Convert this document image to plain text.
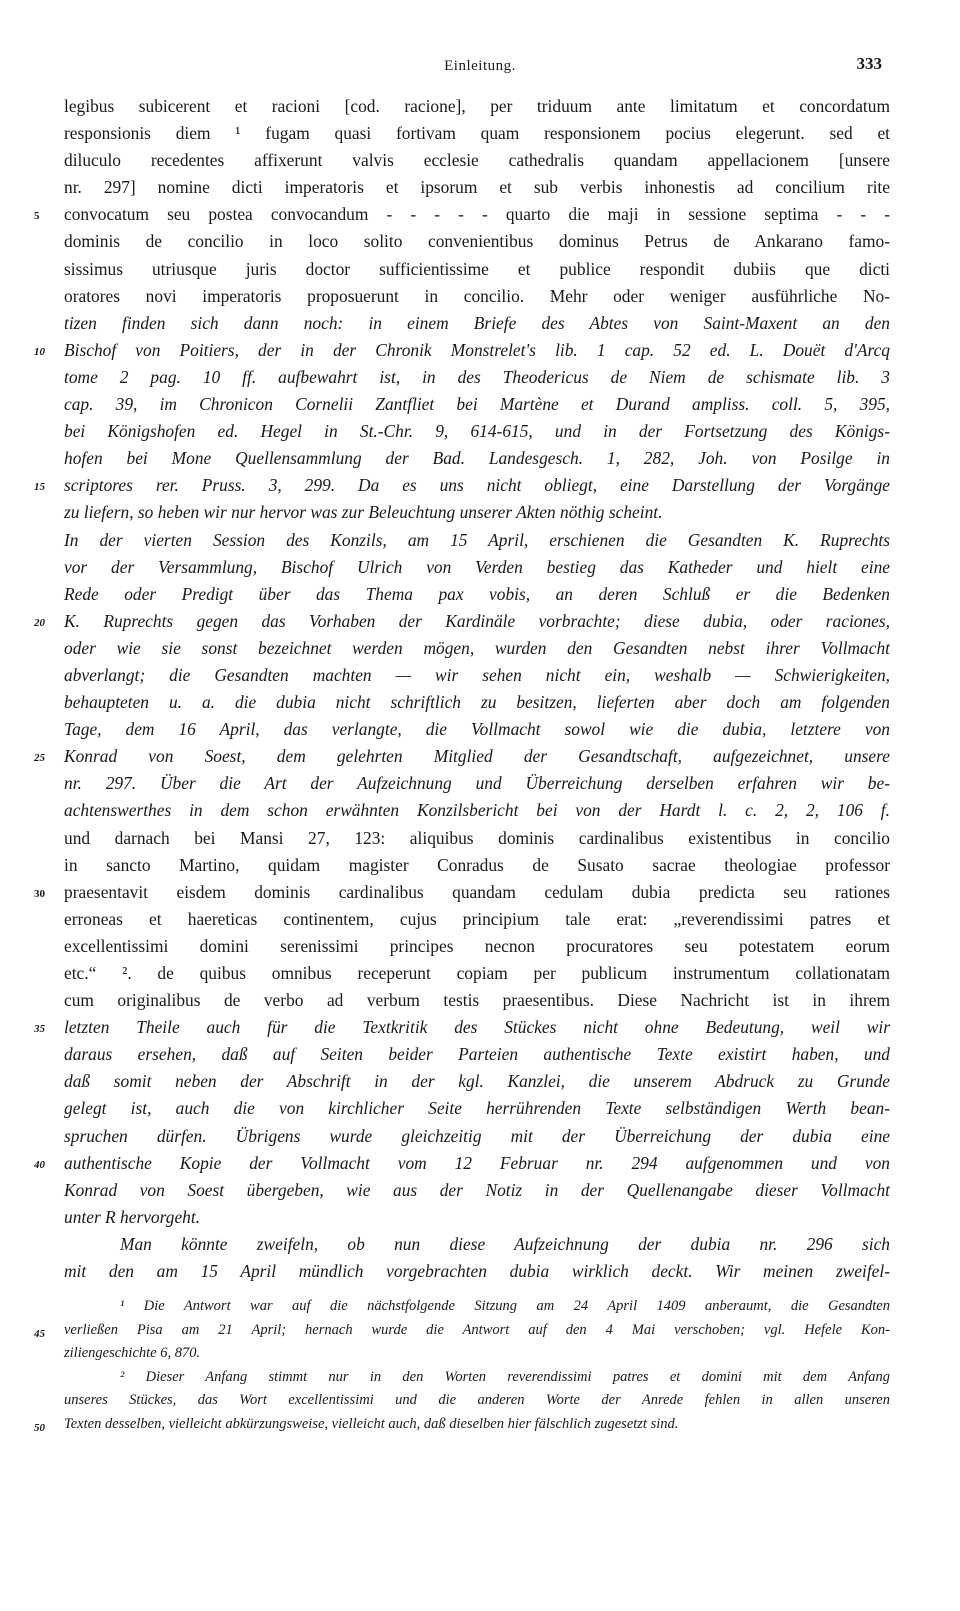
Einleitung.	333
legibus subicerent et racioni [cod. racione], per triduum ante limitatum et concordatum
responsionis diem ¹ fugam quasi fortivam quam responsionem pocius elegerunt. sed et
diluculo recedentes affixerunt valvis ecclesie cathedralis quandam appellacionem [unsere
nr. 297] nomine dicti imperatoris et ipsorum et sub verbis inhonestis ad concilium rite
5 convocatum seu postea convocandum - - - - - quarto die maji in sessione septima - - -
dominis de concilio in loco solito convenientibus dominus Petrus de Ankarano famo-
sissimus utriusque juris doctor sufficientissime et publice respondit dubiis que dicti
oratores novi imperatoris proposuerunt in concilio. Mehr oder weniger ausführliche No-
tizen finden sich dann noch: in einem Briefe des Abtes von Saint-Maxent an den
10 Bischof von Poitiers, der in der Chronik Monstrelet's lib. 1 cap. 52 ed. L. Douët d'Arcq
tome 2 pag. 10 ff. aufbewahrt ist, in des Theodericus de Niem de schismate lib. 3
cap. 39, im Chronicon Cornelii Zantfliet bei Martène et Durand ampliss. coll. 5, 395,
bei Königshofen ed. Hegel in St.-Chr. 9, 614-615, und in der Fortsetzung des Königs-
hofen bei Mone Quellensammlung der Bad. Landesgesch. 1, 282, Joh. von Posilge in
15 scriptores rer. Pruss. 3, 299. Da es uns nicht obliegt, eine Darstellung der Vorgänge
zu liefern, so heben wir nur hervor was zur Beleuchtung unserer Akten nöthig scheint.
In der vierten Session des Konzils, am 15 April, erschienen die Gesandten K. Ruprechts
vor der Versammlung, Bischof Ulrich von Verden bestieg das Katheder und hielt eine
Rede oder Predigt über das Thema pax vobis, an deren Schluß er die Bedenken
20 K. Ruprechts gegen das Vorhaben der Kardinäle vorbrachte; diese dubia, oder raciones,
oder wie sie sonst bezeichnet werden mögen, wurden den Gesandten nebst ihrer Vollmacht
abverlangt; die Gesandten machten — wir sehen nicht ein, weshalb — Schwierigkeiten,
behaupteten u. a. die dubia nicht schriftlich zu besitzen, lieferten aber doch am folgenden
Tage, dem 16 April, das verlangte, die Vollmacht sowol wie die dubia, letztere von
25 Konrad von Soest, dem gelehrten Mitglied der Gesandtschaft, aufgezeichnet, unsere
nr. 297. Über die Art der Aufzeichnung und Überreichung derselben erfahren wir be-
achtenswerthes in dem schon erwähnten Konzilsbericht bei von der Hardt l. c. 2, 2, 106 f.
und darnach bei Mansi 27, 123: aliquibus dominis cardinalibus existentibus in concilio
in sancto Martino, quidam magister Conradus de Susato sacrae theologiae professor
30 praesentavit eisdem dominis cardinalibus quandam cedulam dubia predicta seu rationes
erroneas et haereticas continentem, cujus principium tale erat: „reverendissimi patres et
excellentissimi domini serenissimi principes necnon procuratores seu potestatem eorum
etc.“ ². de quibus omnibus receperunt copiam per publicum instrumentum collationatam
cum originalibus de verbo ad verbum testis praesentibus. Diese Nachricht ist in ihrem
35 letzten Theile auch für die Textkritik des Stückes nicht ohne Bedeutung, weil wir
daraus ersehen, daß auf Seiten beider Parteien authentische Texte existirt haben, und
daß somit neben der Abschrift in der kgl. Kanzlei, die unserem Abdruck zu Grunde
gelegt ist, auch die von kirchlicher Seite herrührenden Texte selbständigen Werth bean-
spruchen dürfen. Übrigens wurde gleichzeitig mit der Überreichung der dubia eine
40 authentische Kopie der Vollmacht vom 12 Februar nr. 294 aufgenommen und von
Konrad von Soest übergeben, wie aus der Notiz in der Quellenangabe dieser Vollmacht
unter R hervorgeht.
Man könnte zweifeln, ob nun diese Aufzeichnung der dubia nr. 296 sich
mit den am 15 April mündlich vorgebrachten dubia wirklich deckt. Wir meinen zweifel-
¹ Die Antwort war auf die nächstfolgende Sitzung am 24 April 1409 anberaumt, die Gesandten
45 verließen Pisa am 21 April; hernach wurde die Antwort auf den 4 Mai verschoben; vgl. Hefele Kon-
ziliengeschichte 6, 870.
² Dieser Anfang stimmt nur in den Worten reverendissimi patres et domini mit dem Anfang
unseres Stückes, das Wort excellentissimi und die anderen Worte der Anrede fehlen in allen unseren
50 Texten desselben, vielleicht abkürzungsweise, vielleicht auch, daß dieselben hier fälschlich zugesetzt sind.
